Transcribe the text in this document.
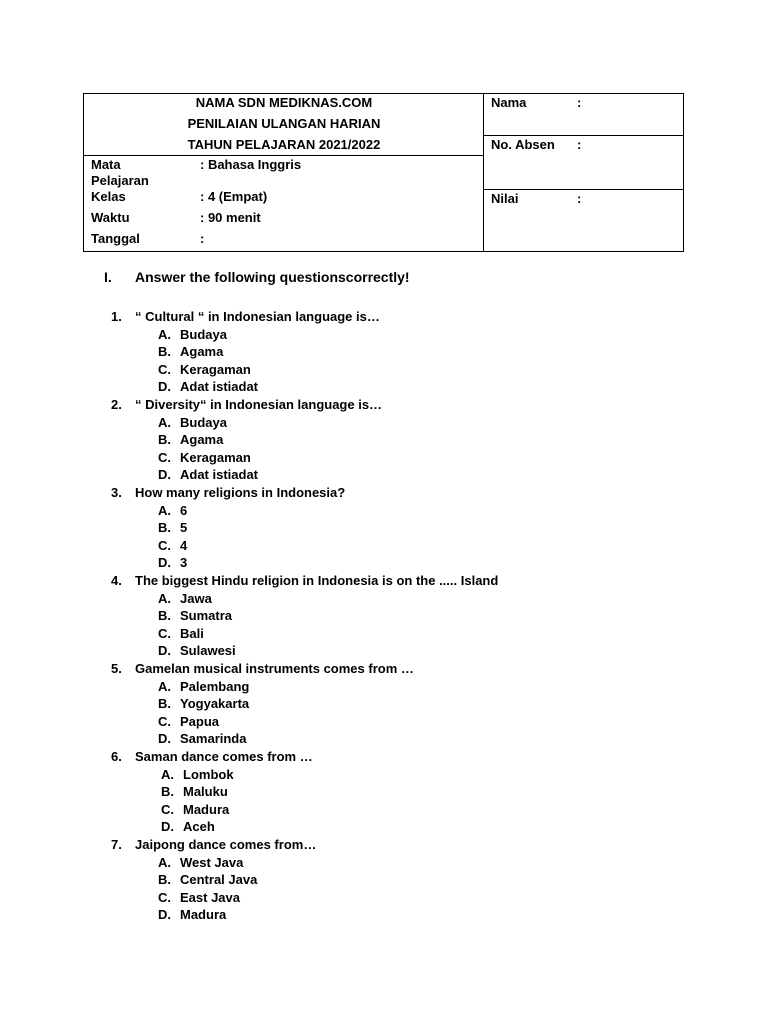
NAMA SDN MEDIKNAS.COM
PENILAIAN ULANGAN HARIAN
TAHUN PELAJARAN 2021/2022
Mata
Pelajaran
: Bahasa Inggris
Kelas	: 4 (Empat)
Waktu	: 90 menit
Tanggal	:
Nama	:
No. Absen :
Nilai	:
I. Answer the following questionscorrectly!
1. “ Cultural “ in Indonesian language is…
A. Budaya
B. Agama
C. Keragaman
D. Adat istiadat
2. “ Diversity“ in Indonesian language is…
A. Budaya
B. Agama
C. Keragaman
D. Adat istiadat
3. How many religions in Indonesia?
A. 6
B. 5
C. 4
D. 3
4. The biggest Hindu religion in Indonesia is on the ..... Island
A. Jawa
B. Sumatra
C. Bali
D. Sulawesi
5. Gamelan musical instruments comes from …
A. Palembang
B. Yogyakarta
C. Papua
D. Samarinda
6. Saman dance comes from …
A. Lombok
B. Maluku
C. Madura
D. Aceh
7. Jaipong dance comes from…
A. West Java
B. Central Java
C. East Java
D. Madura
